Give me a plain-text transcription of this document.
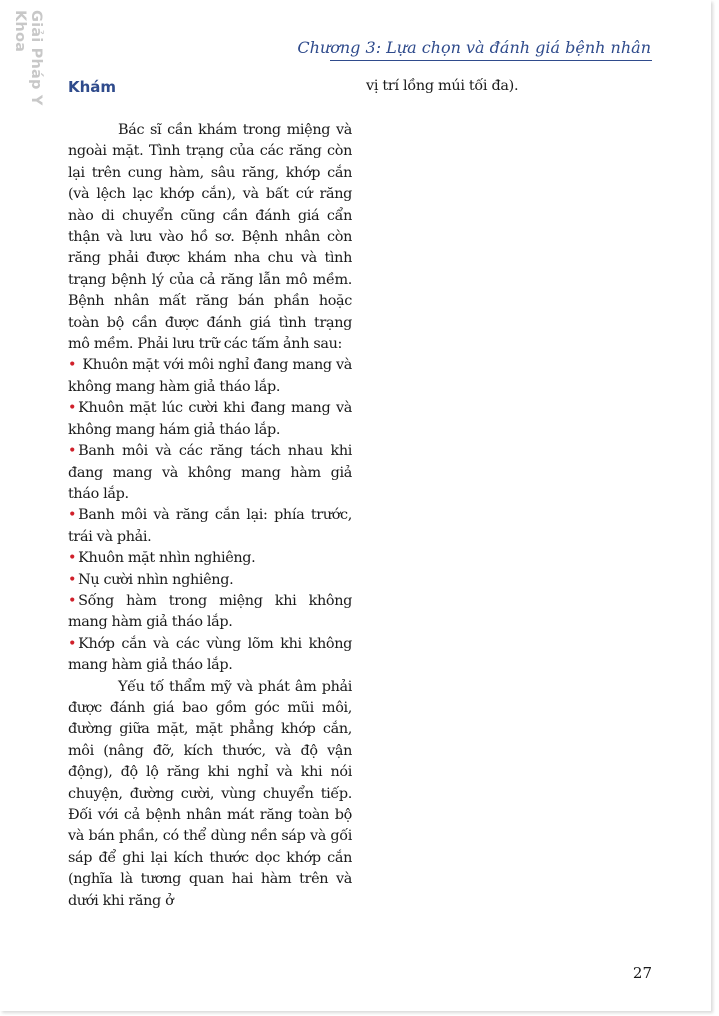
Giải Pháp Y Khoa	Chương 3: Lựa chọn và đánh giá bệnh nhân
Khám

Bác sĩ cần khám trong miệng và ngoài mặt. Tình trạng của các răng còn lại trên cung hàm, sâu răng, khớp cắn (và lệch lạc khớp cắn), và bất cứ răng nào di chuyển cũng cần đánh giá cẩn thận và lưu vào hồ sơ. Bệnh nhân còn răng phải được khám nha chu và tình trạng bệnh lý của cả răng lẫn mô mềm. Bệnh nhân mất răng bán phần hoặc toàn bộ cần được đánh giá tình trạng mô mềm. Phải lưu trữ các tấm ảnh sau:

• Khuôn mặt với môi nghỉ đang mang và không mang hàm giả tháo lắp.

• Khuôn mặt lúc cười khi đang mang và không mang hám giả tháo lắp.

• Banh môi và các răng tách nhau khi đang mang và không mang hàm giả tháo lắp.

• Banh môi và răng cắn lại: phía trước, trái và phải.

• Khuôn mặt nhìn nghiêng.

• Nụ cười nhìn nghiêng.

• Sống hàm trong miệng khi không mang hàm giả tháo lắp.

• Khớp cắn và các vùng lõm khi không mang hàm giả tháo lắp.

Yếu tố thẩm mỹ và phát âm phải được đánh giá bao gồm góc mũi môi, đường giữa mặt, mặt phẳng khớp cắn, môi (nâng đỡ, kích thước, và độ vận động), độ lộ răng khi nghỉ và khi nói chuyện, đường cười, vùng chuyển tiếp. Đối với cả bệnh nhân mát răng toàn bộ và bán phần, có thể dùng nền sáp và gối sáp để ghi lại kích thước dọc khớp cắn (nghĩa là tương quan hai hàm trên và dưới khi răng ở

vị trí lồng múi tối đa).

27
